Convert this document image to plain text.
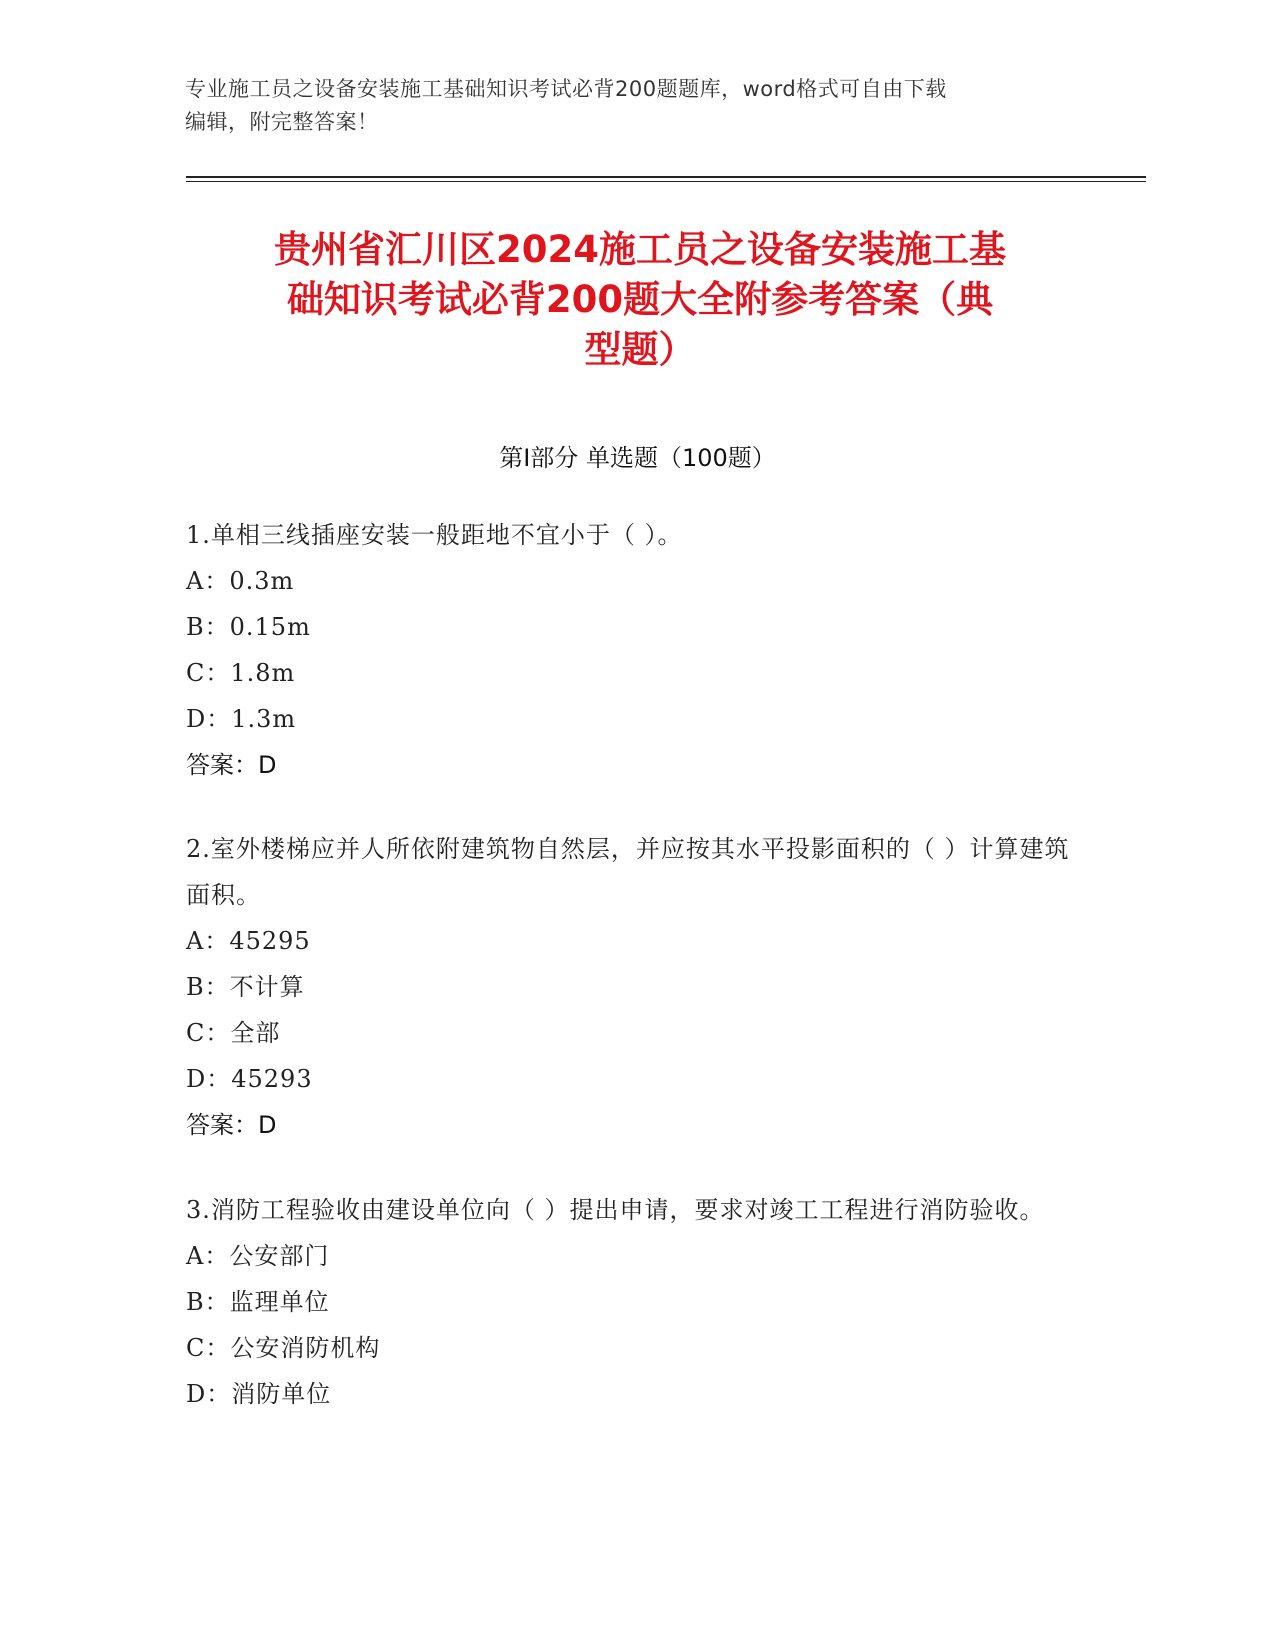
专业施工员之设备安装施工基础知识考试必背200题题库，word格式可自由下载
编辑，附完整答案！
贵州省汇川区2024施工员之设备安装施工基
础知识考试必背200题大全附参考答案（典
型题）
第Ⅰ部分 单选题（100题）
1.单相三线插座安装一般距地不宜小于（ ）。
A：0.3m
B：0.15m
C：1.8m
D：1.3m
答案：D
2.室外楼梯应并人所依附建筑物自然层，并应按其水平投影面积的（ ）计算建筑面积。
A：45295
B：不计算
C：全部
D：45293
答案：D
3.消防工程验收由建设单位向（ ）提出申请，要求对竣工工程进行消防验收。
A：公安部门
B：监理单位
C：公安消防机构
D：消防单位
